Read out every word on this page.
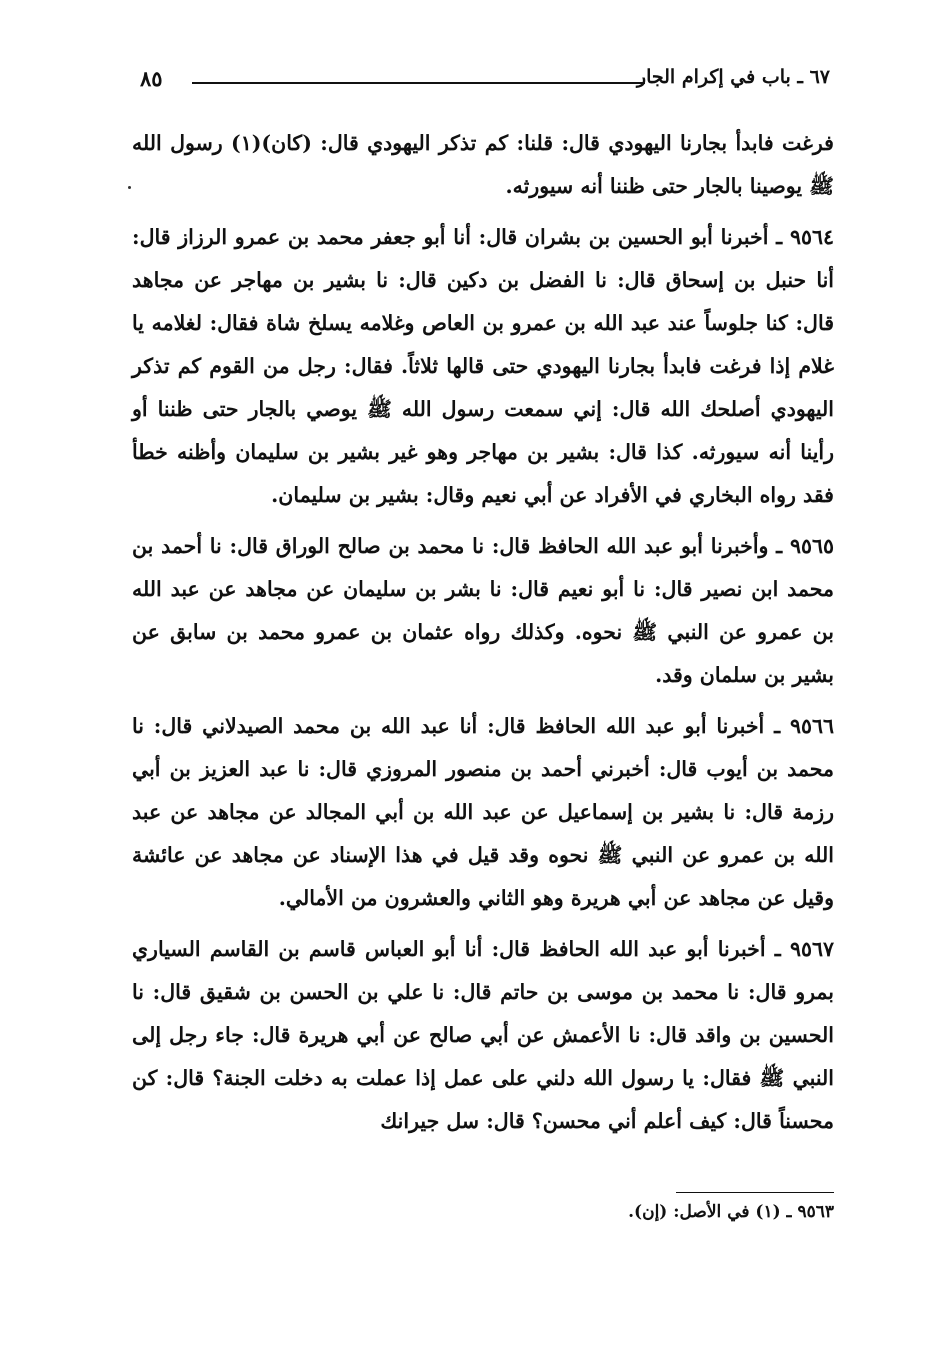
٦٧ ـ باب في إكرام الجار
٨٥

فرغت فابدأ بجارنا اليهودي قال: قلنا: كم تذكر اليهودي قال: (كان)(١) رسول الله ﷺ يوصينا بالجار حتى ظننا أنه سيورثه.

٩٥٦٤ ـ أخبرنا أبو الحسين بن بشران قال: أنا أبو جعفر محمد بن عمرو الرزاز قال: أنا حنبل بن إسحاق قال: نا الفضل بن دكين قال: نا بشير بن مهاجر عن مجاهد قال: كنا جلوساً عند عبد الله بن عمرو بن العاص وغلامه يسلخ شاة فقال: لغلامه يا غلام إذا فرغت فابدأ بجارنا اليهودي حتى قالها ثلاثاً. فقال: رجل من القوم كم تذكر اليهودي أصلحك الله قال: إني سمعت رسول الله ﷺ يوصي بالجار حتى ظننا أو رأينا أنه سيورثه. كذا قال: بشير بن مهاجر وهو غير بشير بن سليمان وأظنه خطأ فقد رواه البخاري في الأفراد عن أبي نعيم وقال: بشير بن سليمان.

٩٥٦٥ ـ وأخبرنا أبو عبد الله الحافظ قال: نا محمد بن صالح الوراق قال: نا أحمد بن محمد ابن نصير قال: نا أبو نعيم قال: نا بشر بن سليمان عن مجاهد عن عبد الله بن عمرو عن النبي ﷺ نحوه. وكذلك رواه عثمان بن عمرو محمد بن سابق عن بشير بن سلمان وقد.

٩٥٦٦ ـ أخبرنا أبو عبد الله الحافظ قال: أنا عبد الله بن محمد الصيدلاني قال: نا محمد بن أيوب قال: أخبرني أحمد بن منصور المروزي قال: نا عبد العزيز بن أبي رزمة قال: نا بشير بن إسماعيل عن عبد الله بن أبي المجالد عن مجاهد عن عبد الله بن عمرو عن النبي ﷺ نحوه وقد قيل في هذا الإسناد عن مجاهد عن عائشة وقيل عن مجاهد عن أبي هريرة وهو الثاني والعشرون من الأمالي.

٩٥٦٧ ـ أخبرنا أبو عبد الله الحافظ قال: أنا أبو العباس قاسم بن القاسم السياري بمرو قال: نا محمد بن موسى بن حاتم قال: نا علي بن الحسن بن شقيق قال: نا الحسين بن واقد قال: نا الأعمش عن أبي صالح عن أبي هريرة قال: جاء رجل إلى النبي ﷺ فقال: يا رسول الله دلني على عمل إذا عملت به دخلت الجنة؟ قال: كن محسناً قال: كيف أعلم أني محسن؟ قال: سل جيرانك

٩٥٦٣ ـ (١) في الأصل: (إن).
